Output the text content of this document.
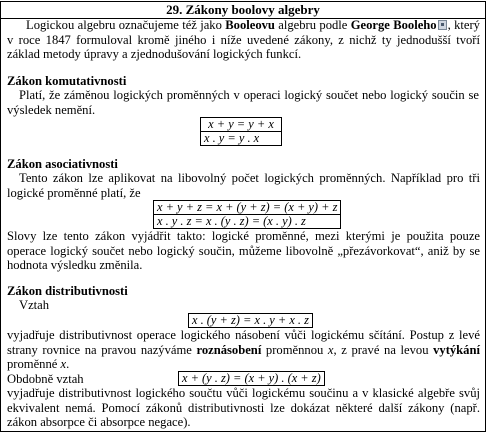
29. Zákony boolovy algebry

Logickou algebru označujeme též jako Booleovu algebru podle George Booleho , který v roce 1847 formuloval kromě jiného i níže uvedené zákony, z nichž ty jednodušší tvoří základ metody úpravy a zjednodušování logických funkcí.

Zákon komutativnosti

Platí, že záměnou logických proměnných v operaci logický součet nebo logický součin se výsledek nemění.

x + y = y + x
x . y = y . x

Zákon asociativnosti

Tento zákon lze aplikovat na libovolný počet logických proměnných. Například pro tři logické proměnné platí, že

x + y + z = x + (y + z) = (x + y) + z
x . y . z = x . (y . z) = (x . y) . z

Slovy lze tento zákon vyjádřit takto: logické proměnné, mezi kterými je použita pouze operace logický součet nebo logický součin, můžeme libovolně „přezávorkovat“, aniž by se hodnota výsledku změnila.

Zákon distributivnosti

Vztah

x . (y + z) = x . y + x . z

vyjadřuje distributivnost operace logického násobení vůči logickému sčítání. Postup z levé strany rovnice na pravou nazýváme roznásobení proměnnou x, z pravé na levou vytýkání proměnné x.
Obdobně vztah	x + (y . z) = (x + y) . (x + z)

vyjadřuje distributivnost logického součtu vůči logickému součinu a v klasické algebře svůj ekvivalent nemá. Pomocí zákonů distributivnosti lze dokázat některé další zákony (např. zákon absorpce či absorpce negace).
